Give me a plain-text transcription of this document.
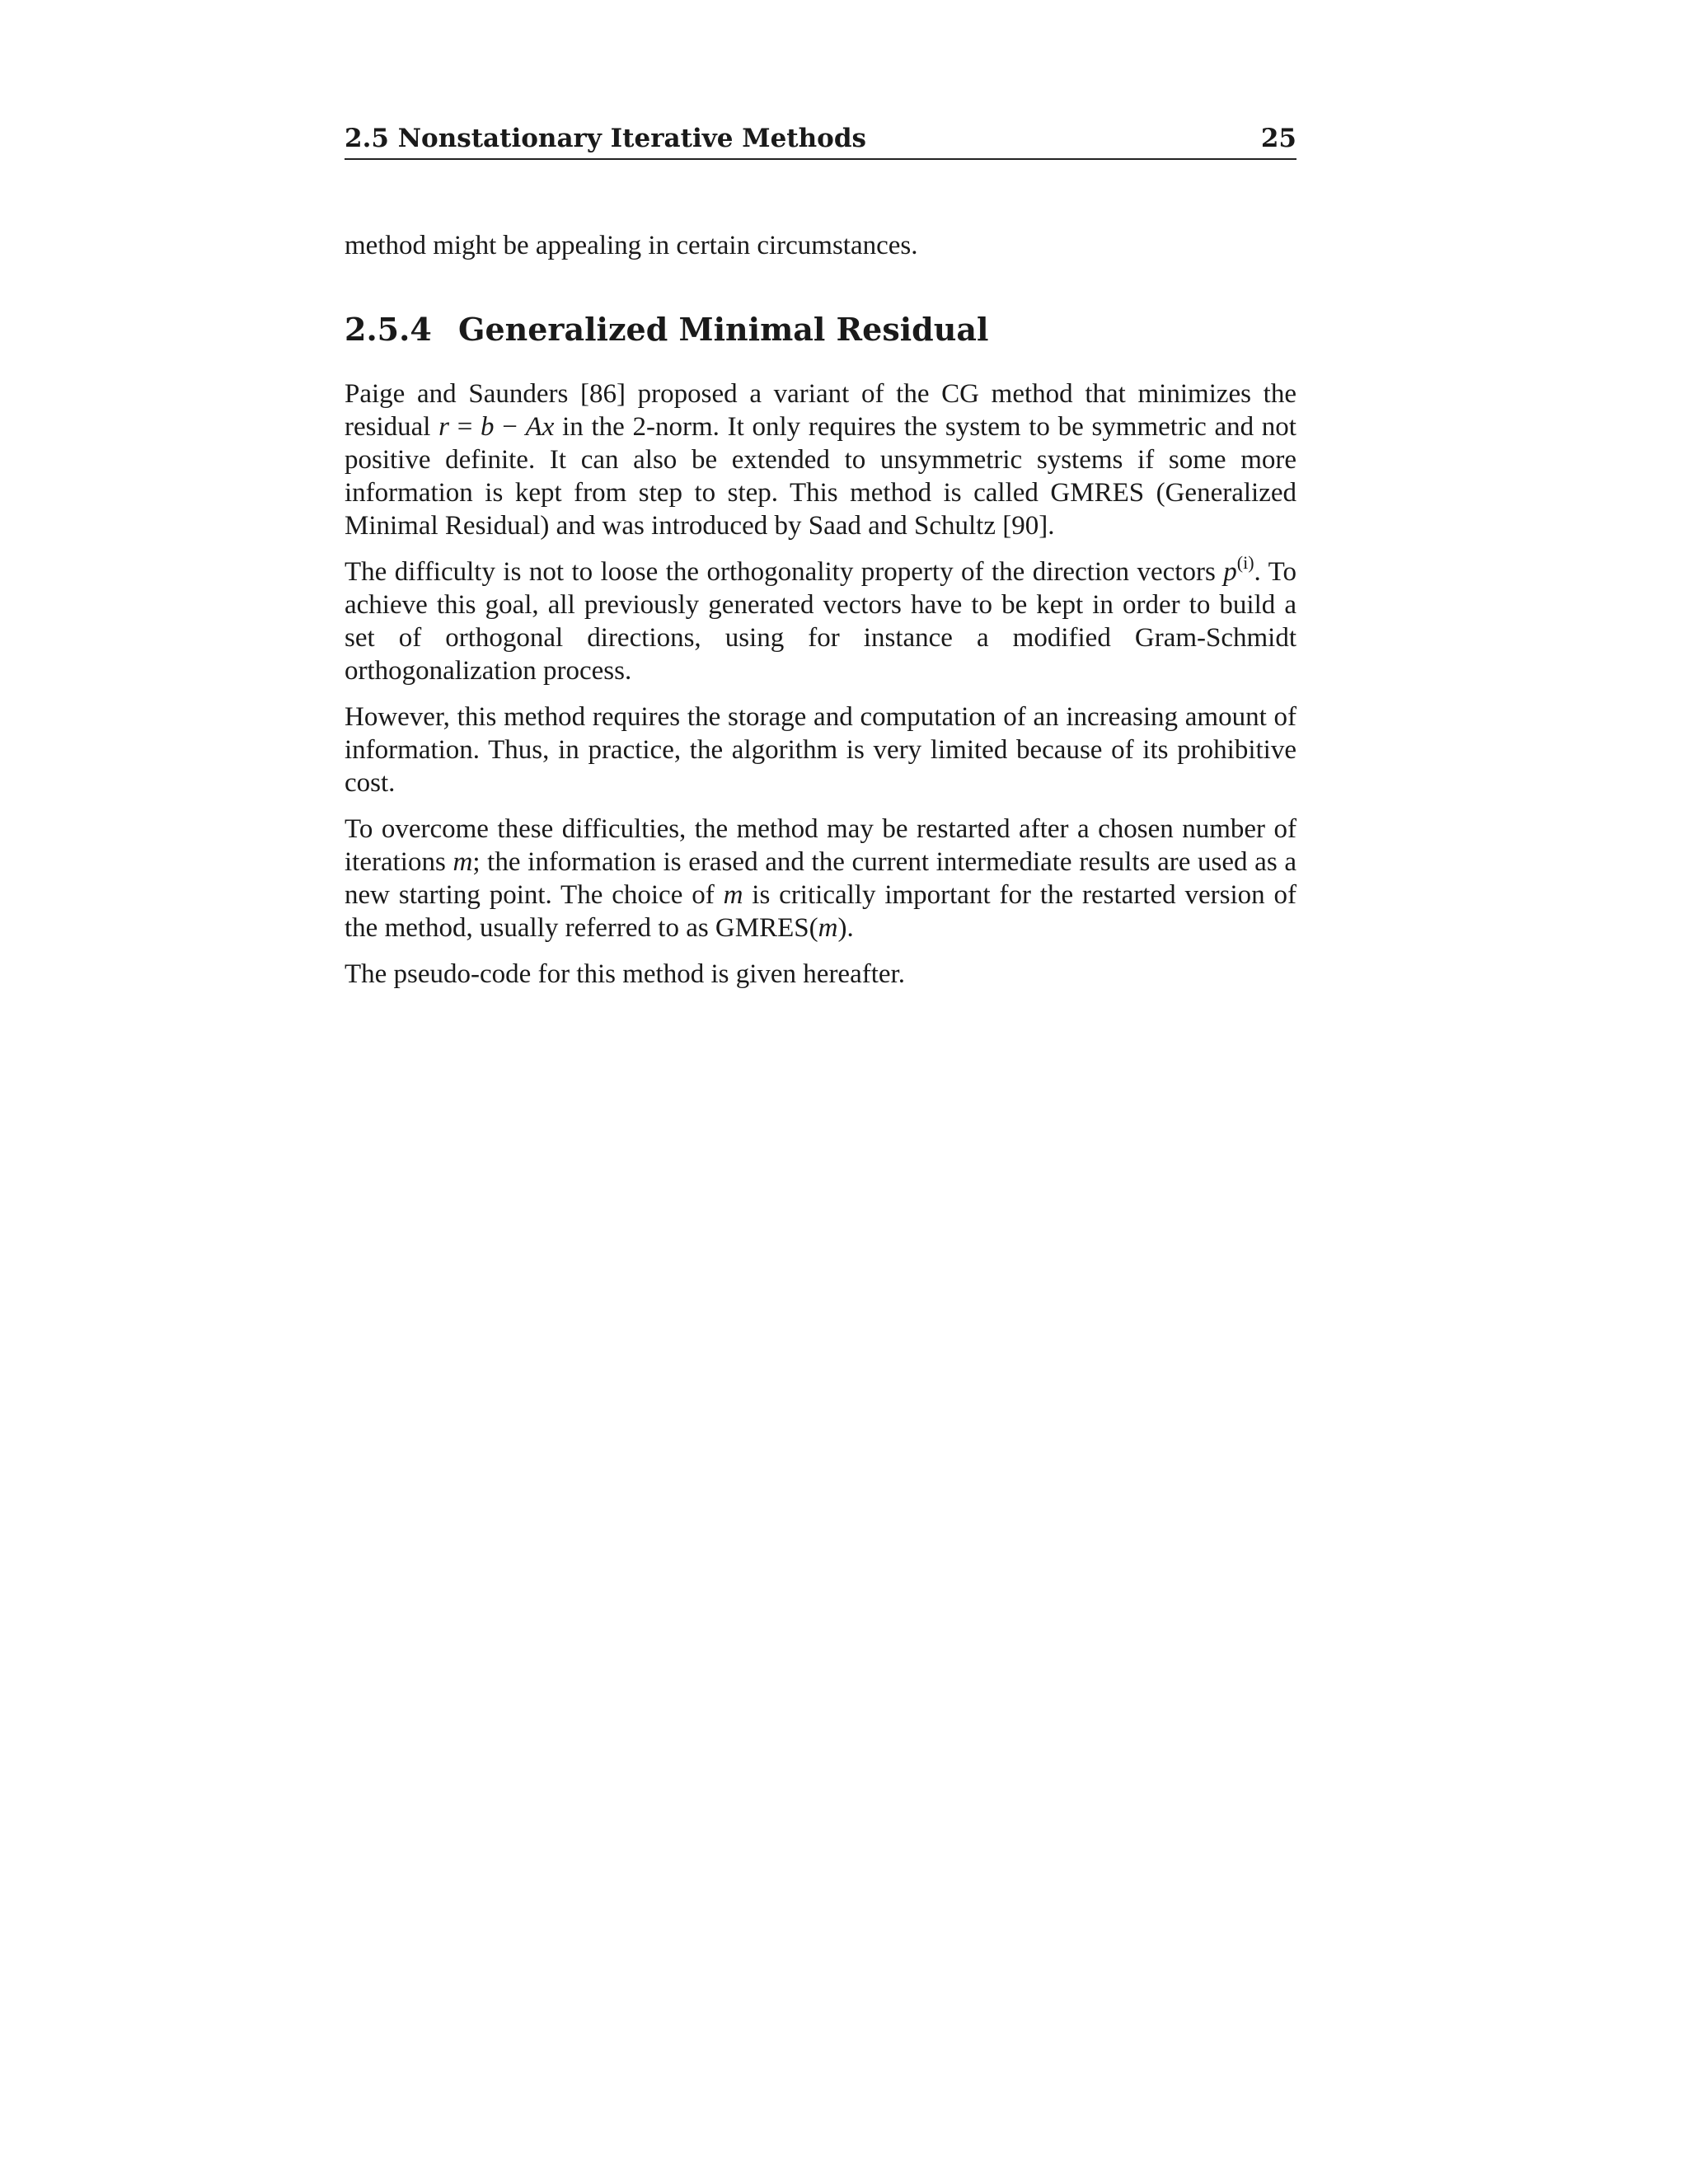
2.5 Nonstationary Iterative Methods	25

method might be appealing in certain circumstances.

2.5.4 Generalized Minimal Residual

Paige and Saunders [86] proposed a variant of the CG method that minimizes the residual r = b − Ax in the 2-norm. It only requires the system to be symmetric and not positive definite. It can also be extended to unsymmetric systems if some more information is kept from step to step. This method is called GMRES (Generalized Minimal Residual) and was introduced by Saad and Schultz [90].

The difficulty is not to loose the orthogonality property of the direction vectors $p^{(i)}$. To achieve this goal, all previously generated vectors have to be kept in order to build a set of orthogonal directions, using for instance a modified Gram-Schmidt orthogonalization process.

However, this method requires the storage and computation of an increasing amount of information. Thus, in practice, the algorithm is very limited because of its prohibitive cost.

To overcome these difficulties, the method may be restarted after a chosen number of iterations m; the information is erased and the current intermediate results are used as a new starting point. The choice of m is critically important for the restarted version of the method, usually referred to as GMRES(m).

The pseudo-code for this method is given hereafter.
